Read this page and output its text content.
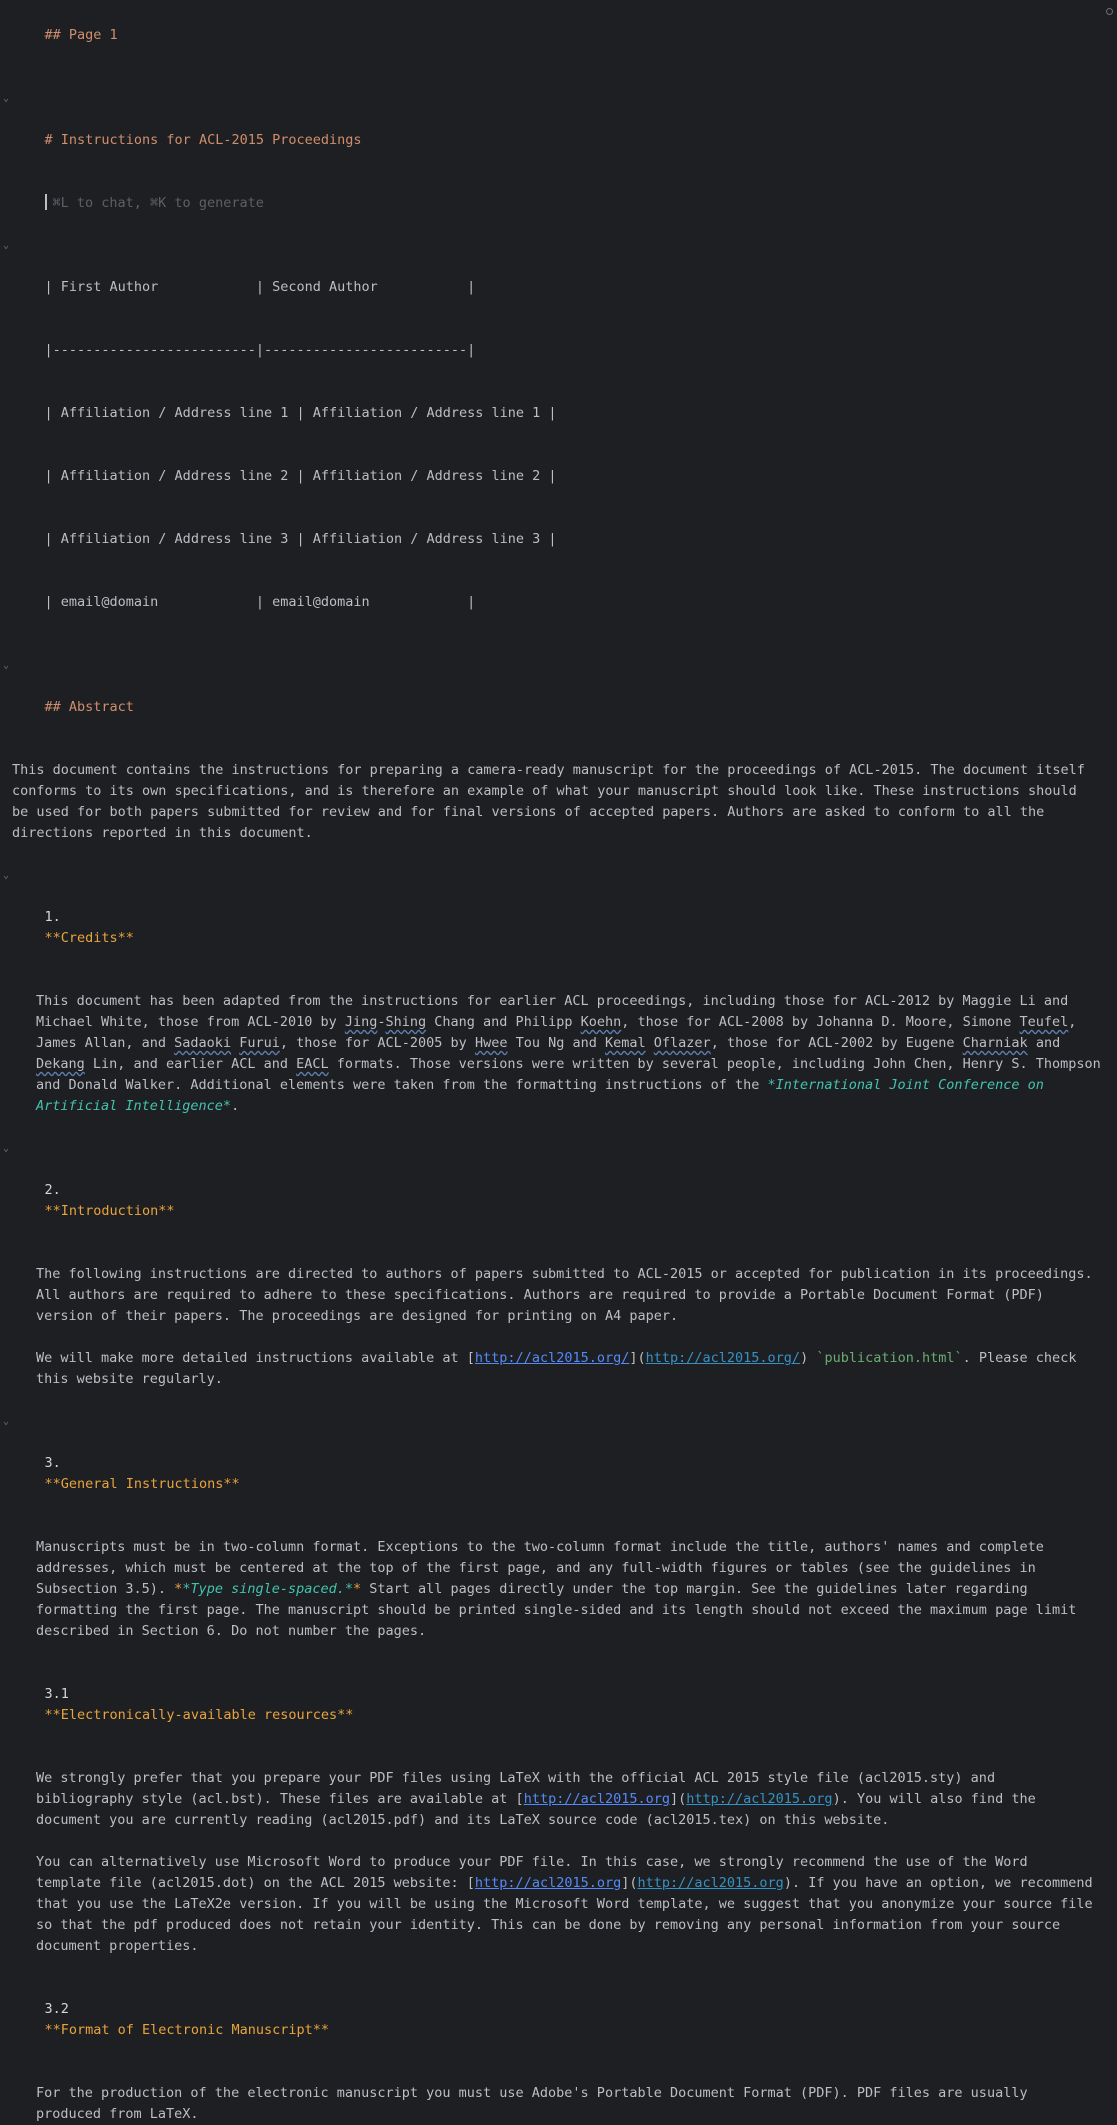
## Page 1

⌄

# Instructions for ACL-2015 Proceedings

⌘L to chat, ⌘K to generate

⌄

| First Author            | Second Author           |

|-------------------------|-------------------------|

| Affiliation / Address line 1 | Affiliation / Address line 1 |

| Affiliation / Address line 2 | Affiliation / Address line 2 |

| Affiliation / Address line 3 | Affiliation / Address line 3 |

| email@domain            | email@domain            |

⌄

## Abstract

This document contains the instructions for preparing a camera-ready manuscript for the proceedings of ACL-2015. The document itself conforms to its own specifications, and is therefore an example of what your manuscript should look like. These instructions should be used for both papers submitted for review and for final versions of accepted papers. Authors are asked to conform to all the directions reported in this document.

⌄

1.
**Credits**

This document has been adapted from the instructions for earlier ACL proceedings, including those for ACL-2012 by Maggie Li and Michael White, those from ACL-2010 by Jing-Shing Chang and Philipp Koehn, those for ACL-2008 by Johanna D. Moore, Simone Teufel, James Allan, and Sadaoki Furui, those for ACL-2005 by Hwee Tou Ng and Kemal Oflazer, those for ACL-2002 by Eugene Charniak and Dekang Lin, and earlier ACL and EACL formats. Those versions were written by several people, including John Chen, Henry S. Thompson and Donald Walker. Additional elements were taken from the formatting instructions of the *International Joint Conference on Artificial Intelligence*.

⌄

2.
**Introduction**

The following instructions are directed to authors of papers submitted to ACL-2015 or accepted for publication in its proceedings. All authors are required to adhere to these specifications. Authors are required to provide a Portable Document Format (PDF) version of their papers. The proceedings are designed for printing on A4 paper.

We will make more detailed instructions available at [http://acl2015.org/](http://acl2015.org/) `publication.html`. Please check this website regularly.

⌄

3.
**General Instructions**

Manuscripts must be in two-column format. Exceptions to the two-column format include the title, authors' names and complete addresses, which must be centered at the top of the first page, and any full-width figures or tables (see the guidelines in Subsection 3.5). **Type single-spaced.** Start all pages directly under the top margin. See the guidelines later regarding formatting the first page. The manuscript should be printed single-sided and its length should not exceed the maximum page limit described in Section 6. Do not number the pages.

3.1
**Electronically-available resources**

We strongly prefer that you prepare your PDF files using LaTeX with the official ACL 2015 style file (acl2015.sty) and bibliography style (acl.bst). These files are available at [http://acl2015.org](http://acl2015.org). You will also find the document you are currently reading (acl2015.pdf) and its LaTeX source code (acl2015.tex) on this website.

You can alternatively use Microsoft Word to produce your PDF file. In this case, we strongly recommend the use of the Word template file (acl2015.dot) on the ACL 2015 website: [http://acl2015.org](http://acl2015.org). If you have an option, we recommend that you use the LaTeX2e version. If you will be using the Microsoft Word template, we suggest that you anonymize your source file so that the pdf produced does not retain your identity. This can be done by removing any personal information from your source document properties.

3.2
**Format of Electronic Manuscript**

For the production of the electronic manuscript you must use Adobe's Portable Document Format (PDF). PDF files are usually produced from LaTeX.
